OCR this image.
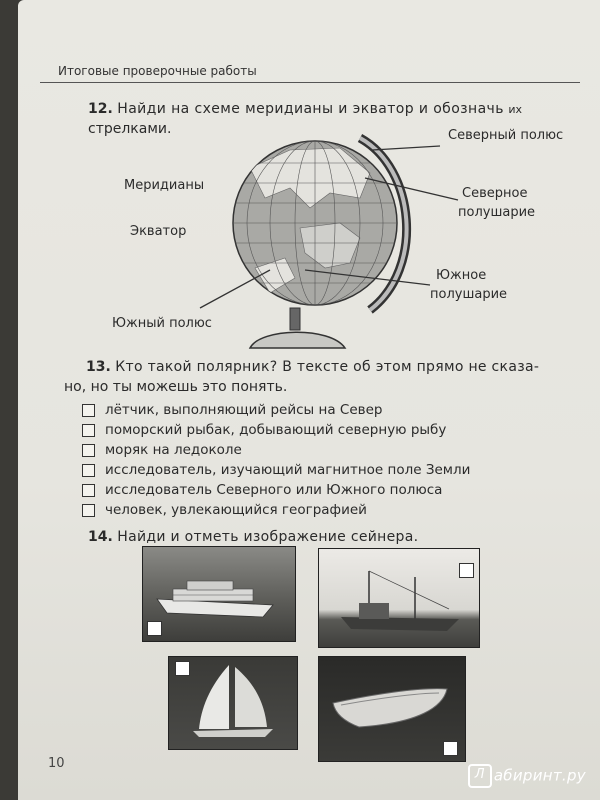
Итоговые проверочные работы
12. Найди на схеме меридианы и экватор и обозначь их
стрелками.	Северный полюс
Меридианы
Северное
полушарие
Экватор
Южное
полушарие
Южный полюс
13. Кто такой полярник? В тексте об этом прямо не сказа-
но, но ты можешь это понять.
лётчик, выполняющий рейсы на Север
поморский рыбак, добывающий северную рыбу
моряк на ледоколе
исследователь, изучающий магнитное поле Земли
исследователь Северного или Южного полюса
человек, увлекающийся географией
14. Найди и отметь изображение сейнера.
10
Л абиринт.ру
